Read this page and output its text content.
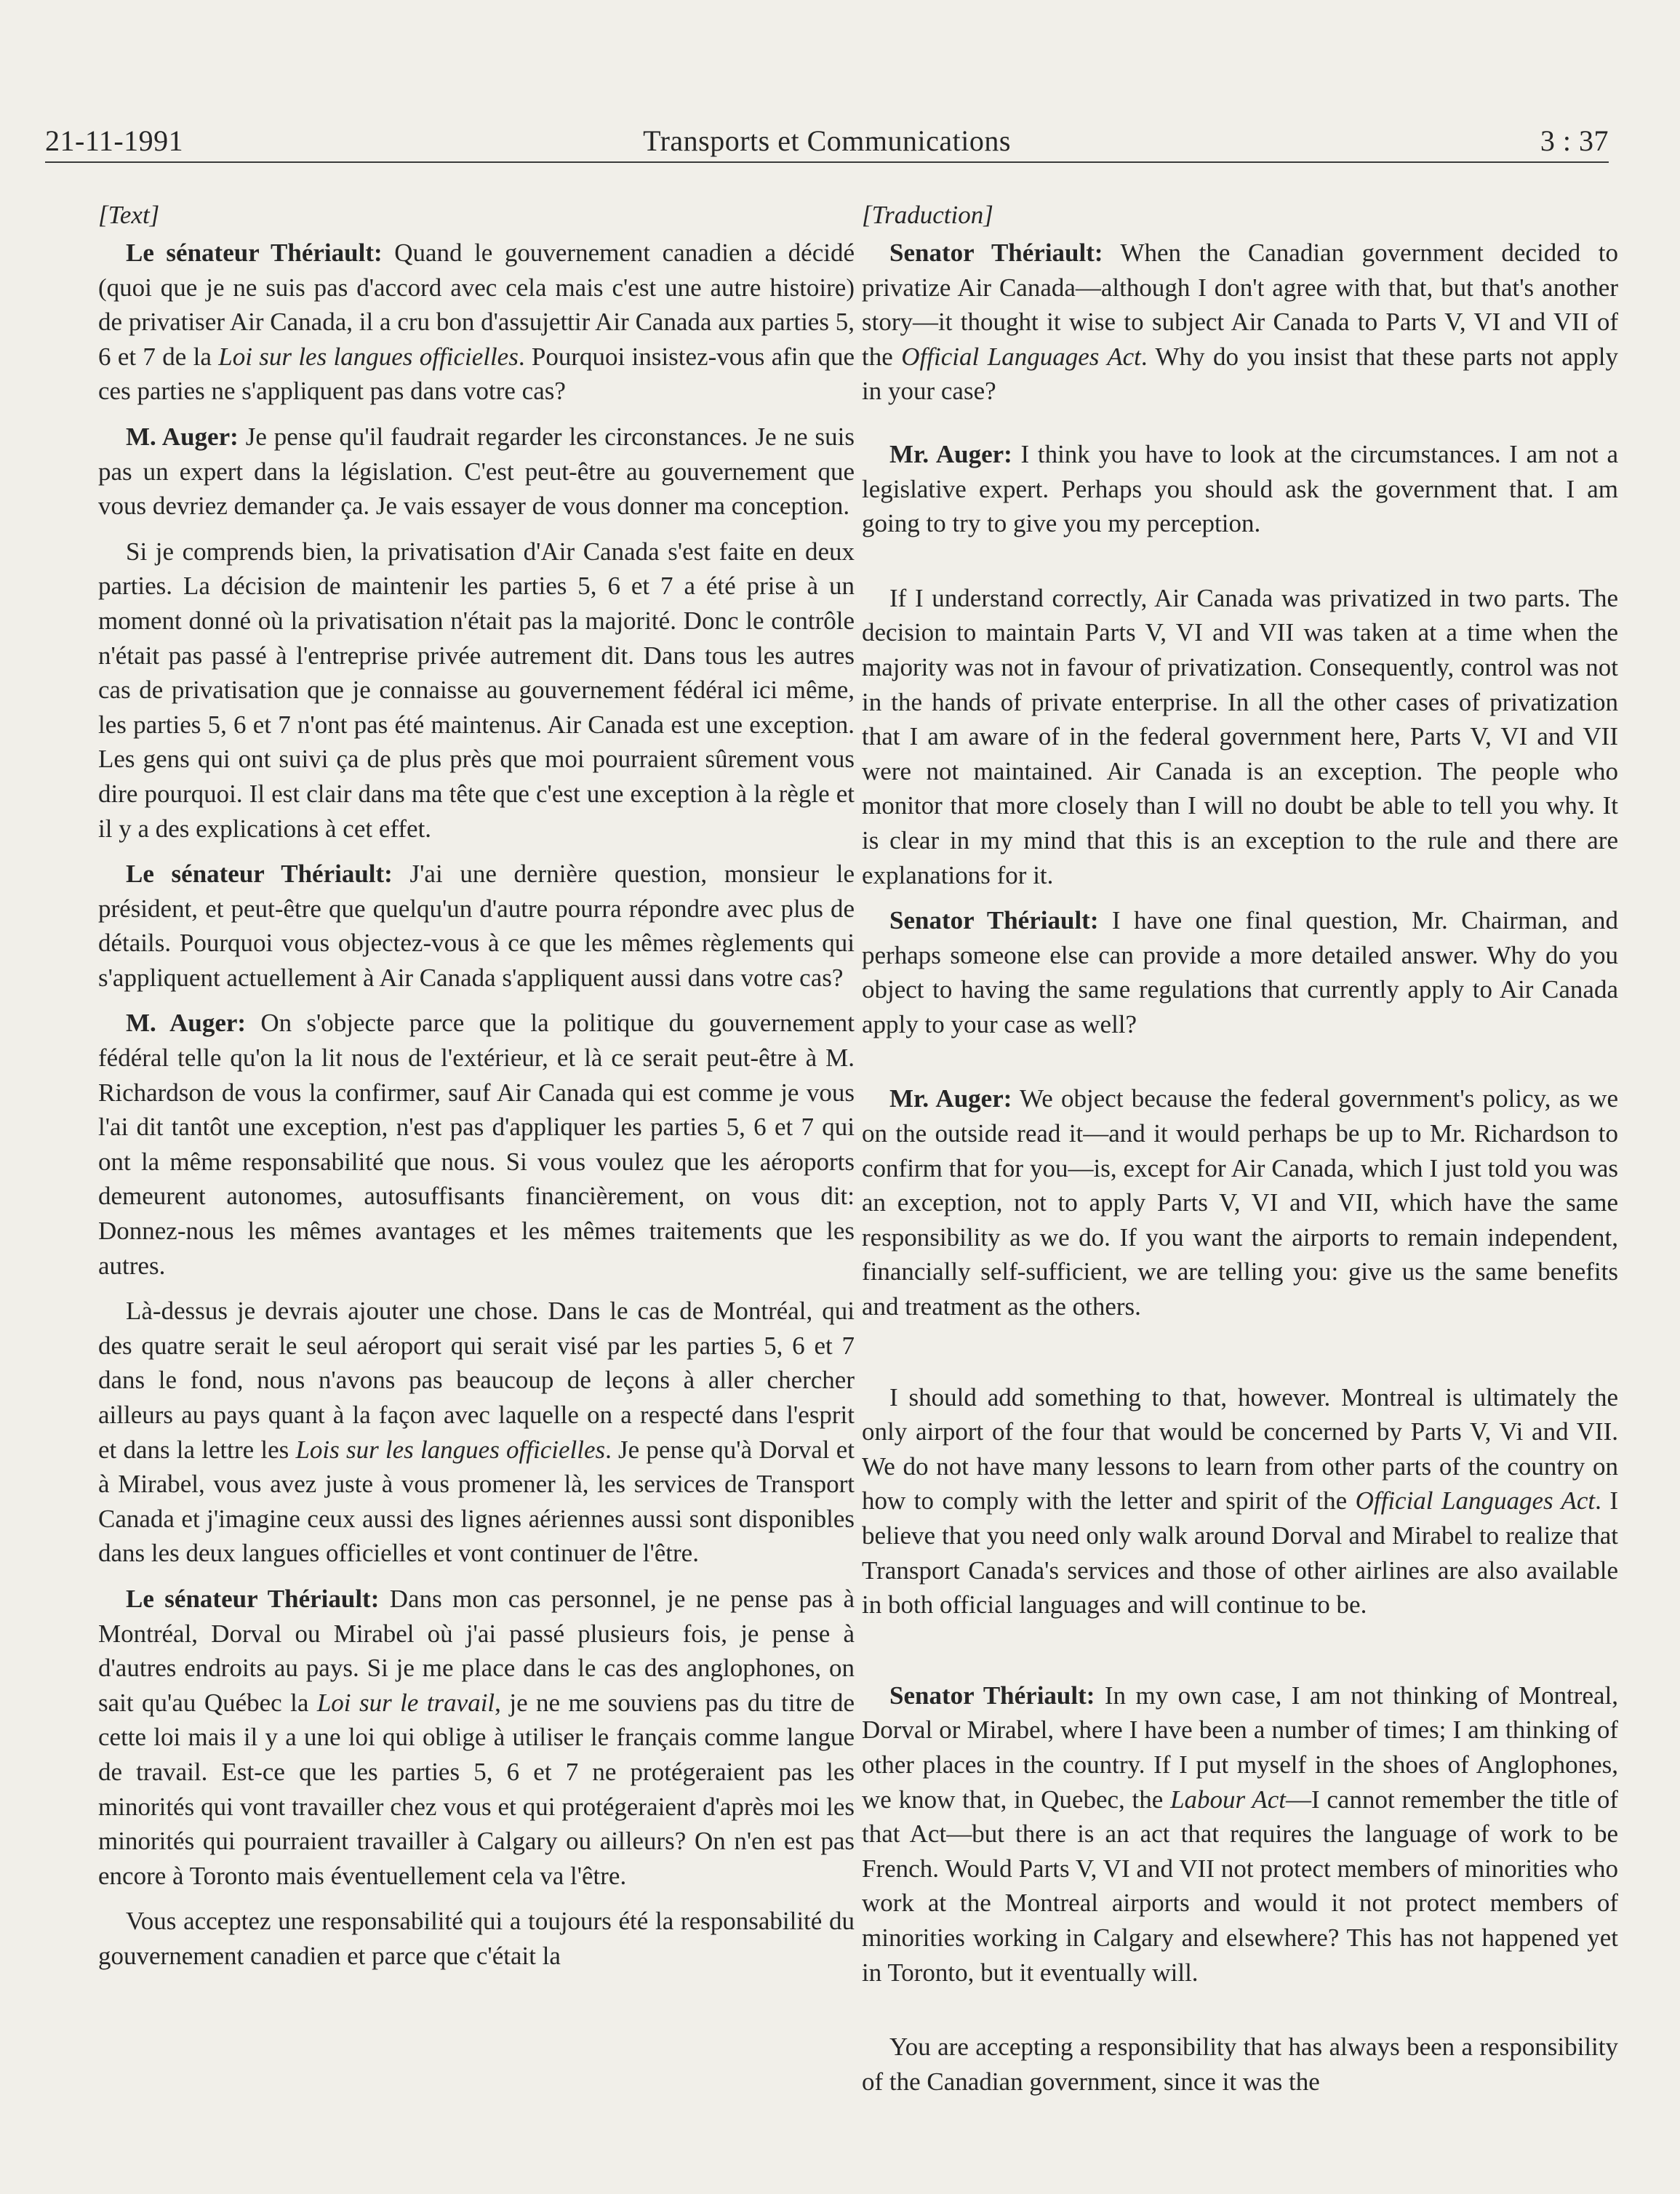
21-11-1991	Transports et Communications	3 : 37
[Text]

Le sénateur Thériault: Quand le gouvernement canadien a décidé (quoi que je ne suis pas d'accord avec cela mais c'est une autre histoire) de privatiser Air Canada, il a cru bon d'assujettir Air Canada aux parties 5, 6 et 7 de la Loi sur les langues officielles. Pourquoi insistez-vous afin que ces parties ne s'appliquent pas dans votre cas?

M. Auger: Je pense qu'il faudrait regarder les circonstances. Je ne suis pas un expert dans la législation. C'est peut-être au gouvernement que vous devriez demander ça. Je vais essayer de vous donner ma conception.

Si je comprends bien, la privatisation d'Air Canada s'est faite en deux parties. La décision de maintenir les parties 5, 6 et 7 a été prise à un moment donné où la privatisation n'était pas la majorité. Donc le contrôle n'était pas passé à l'entreprise privée autrement dit. Dans tous les autres cas de privatisation que je connaisse au gouvernement fédéral ici même, les parties 5, 6 et 7 n'ont pas été maintenus. Air Canada est une exception. Les gens qui ont suivi ça de plus près que moi pourraient sûrement vous dire pourquoi. Il est clair dans ma tête que c'est une exception à la règle et il y a des explications à cet effet.

Le sénateur Thériault: J'ai une dernière question, monsieur le président, et peut-être que quelqu'un d'autre pourra répondre avec plus de détails. Pourquoi vous objectez-vous à ce que les mêmes règlements qui s'appliquent actuellement à Air Canada s'appliquent aussi dans votre cas?

M. Auger: On s'objecte parce que la politique du gouvernement fédéral telle qu'on la lit nous de l'extérieur, et là ce serait peut-être à M. Richardson de vous la confirmer, sauf Air Canada qui est comme je vous l'ai dit tantôt une exception, n'est pas d'appliquer les parties 5, 6 et 7 qui ont la même responsabilité que nous. Si vous voulez que les aéroports demeurent autonomes, autosuffisants financièrement, on vous dit: Donnez-nous les mêmes avantages et les mêmes traitements que les autres.

Là-dessus je devrais ajouter une chose. Dans le cas de Montréal, qui des quatre serait le seul aéroport qui serait visé par les parties 5, 6 et 7 dans le fond, nous n'avons pas beaucoup de leçons à aller chercher ailleurs au pays quant à la façon avec laquelle on a respecté dans l'esprit et dans la lettre les Lois sur les langues officielles. Je pense qu'à Dorval et à Mirabel, vous avez juste à vous promener là, les services de Transport Canada et j'imagine ceux aussi des lignes aériennes aussi sont disponibles dans les deux langues officielles et vont continuer de l'être.

Le sénateur Thériault: Dans mon cas personnel, je ne pense pas à Montréal, Dorval ou Mirabel où j'ai passé plusieurs fois, je pense à d'autres endroits au pays. Si je me place dans le cas des anglophones, on sait qu'au Québec la Loi sur le travail, je ne me souviens pas du titre de cette loi mais il y a une loi qui oblige à utiliser le français comme langue de travail. Est-ce que les parties 5, 6 et 7 ne protégeraient pas les minorités qui vont travailler chez vous et qui protégeraient d'après moi les minorités qui pourraient travailler à Calgary ou ailleurs? On n'en est pas encore à Toronto mais éventuellement cela va l'être.

Vous acceptez une responsabilité qui a toujours été la responsabilité du gouvernement canadien et parce que c'était la

[Traduction]

Senator Thériault: When the Canadian government decided to privatize Air Canada—although I don't agree with that, but that's another story—it thought it wise to subject Air Canada to Parts V, VI and VII of the Official Languages Act. Why do you insist that these parts not apply in your case?

Mr. Auger: I think you have to look at the circumstances. I am not a legislative expert. Perhaps you should ask the government that. I am going to try to give you my perception.

If I understand correctly, Air Canada was privatized in two parts. The decision to maintain Parts V, VI and VII was taken at a time when the majority was not in favour of privatization. Consequently, control was not in the hands of private enterprise. In all the other cases of privatization that I am aware of in the federal government here, Parts V, VI and VII were not maintained. Air Canada is an exception. The people who monitor that more closely than I will no doubt be able to tell you why. It is clear in my mind that this is an exception to the rule and there are explanations for it.

Senator Thériault: I have one final question, Mr. Chairman, and perhaps someone else can provide a more detailed answer. Why do you object to having the same regulations that currently apply to Air Canada apply to your case as well?

Mr. Auger: We object because the federal government's policy, as we on the outside read it—and it would perhaps be up to Mr. Richardson to confirm that for you—is, except for Air Canada, which I just told you was an exception, not to apply Parts V, VI and VII, which have the same responsibility as we do. If you want the airports to remain independent, financially self-sufficient, we are telling you: give us the same benefits and treatment as the others.

I should add something to that, however. Montreal is ultimately the only airport of the four that would be concerned by Parts V, Vi and VII. We do not have many lessons to learn from other parts of the country on how to comply with the letter and spirit of the Official Languages Act. I believe that you need only walk around Dorval and Mirabel to realize that Transport Canada's services and those of other airlines are also available in both official languages and will continue to be.

Senator Thériault: In my own case, I am not thinking of Montreal, Dorval or Mirabel, where I have been a number of times; I am thinking of other places in the country. If I put myself in the shoes of Anglophones, we know that, in Quebec, the Labour Act—I cannot remember the title of that Act—but there is an act that requires the language of work to be French. Would Parts V, VI and VII not protect members of minorities who work at the Montreal airports and would it not protect members of minorities working in Calgary and elsewhere? This has not happened yet in Toronto, but it eventually will.

You are accepting a responsibility that has always been a responsibility of the Canadian government, since it was the
